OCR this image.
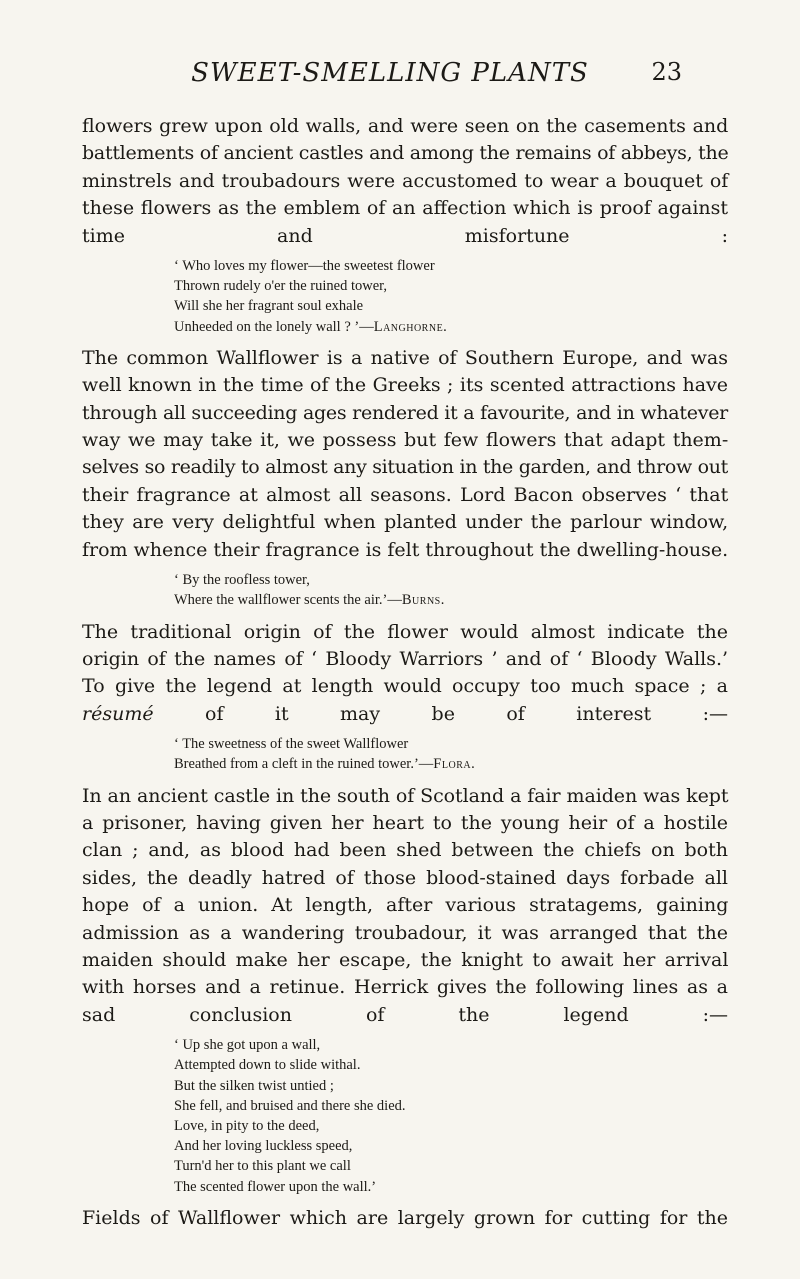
SWEET-SMELLING PLANTS	23
flowers grew upon old walls, and were seen on the casements and
battlements of ancient castles and among the remains of abbeys, the
minstrels and troubadours were accustomed to wear a bouquet of
these flowers as the emblem of an affection which is proof against
time and misfortune :
‘ Who loves my flower—the sweetest flower
Thrown rudely o'er the ruined tower,
Will she her fragrant soul exhale
Unheeded on the lonely wall ? ’—Langhorne.
The common Wallflower is a native of Southern Europe, and was
well known in the time of the Greeks ; its scented attractions have
through all succeeding ages rendered it a favourite, and in whatever
way we may take it, we possess but few flowers that adapt them-
selves so readily to almost any situation in the garden, and throw out
their fragrance at almost all seasons. Lord Bacon observes ‘ that
they are very delightful when planted under the parlour window,
from whence their fragrance is felt throughout the dwelling-house.
‘ By the roofless tower,
Where the wallflower scents the air.’—Burns.
The traditional origin of the flower would almost indicate the
origin of the names of ‘ Bloody Warriors ’ and of ‘ Bloody Walls.’
To give the legend at length would occupy too much space ; a
résumé of it may be of interest :—
‘ The sweetness of the sweet Wallflower
Breathed from a cleft in the ruined tower.’—Flora.
In an ancient castle in the south of Scotland a fair maiden was kept
a prisoner, having given her heart to the young heir of a hostile
clan ; and, as blood had been shed between the chiefs on both
sides, the deadly hatred of those blood-stained days forbade all
hope of a union. At length, after various stratagems, gaining
admission as a wandering troubadour, it was arranged that the
maiden should make her escape, the knight to await her arrival
with horses and a retinue. Herrick gives the following lines as a
sad conclusion of the legend :—
‘ Up she got upon a wall,
Attempted down to slide withal.
But the silken twist untied ;
She fell, and bruised and there she died.
Love, in pity to the deed,
And her loving luckless speed,
Turn'd her to this plant we call
The scented flower upon the wall.’
Fields of Wallflower which are largely grown for cutting for the
